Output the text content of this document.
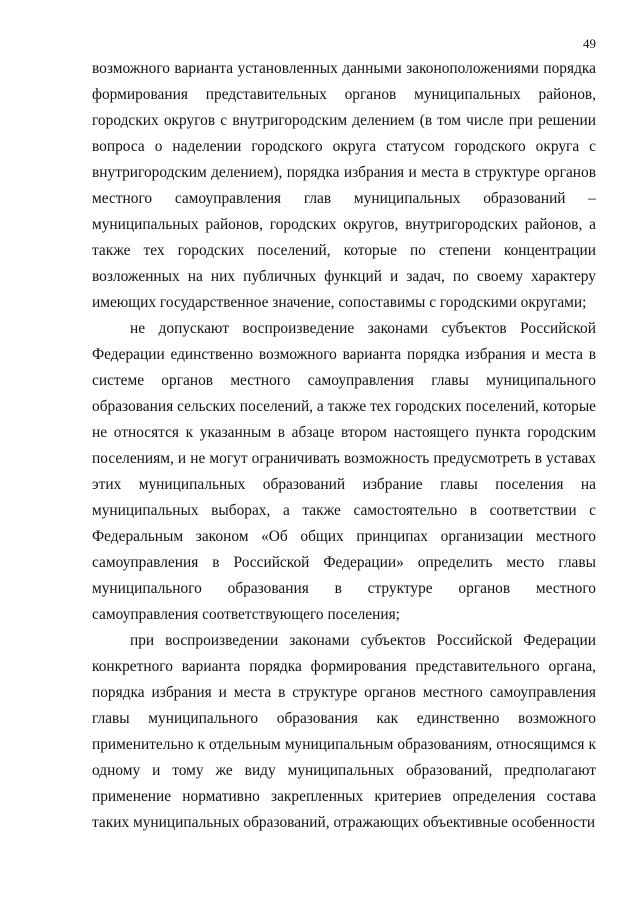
49

возможного варианта установленных данными законоположениями порядка формирования представительных органов муниципальных районов, городских округов с внутригородским делением (в том числе при решении вопроса о наделении городского округа статусом городского округа с внутригородским делением), порядка избрания и места в структуре органов местного самоуправления глав муниципальных образований – муниципальных районов, городских округов, внутригородских районов, а также тех городских поселений, которые по степени концентрации возложенных на них публичных функций и задач, по своему характеру имеющих государственное значение, сопоставимы с городскими округами;

не допускают воспроизведение законами субъектов Российской Федерации единственно возможного варианта порядка избрания и места в системе органов местного самоуправления главы муниципального образования сельских поселений, а также тех городских поселений, которые не относятся к указанным в абзаце втором настоящего пункта городским поселениям, и не могут ограничивать возможность предусмотреть в уставах этих муниципальных образований избрание главы поселения на муниципальных выборах, а также самостоятельно в соответствии с Федеральным законом «Об общих принципах организации местного самоуправления в Российской Федерации» определить место главы муниципального образования в структуре органов местного самоуправления соответствующего поселения;

при воспроизведении законами субъектов Российской Федерации конкретного варианта порядка формирования представительного органа, порядка избрания и места в структуре органов местного самоуправления главы муниципального образования как единственно возможного применительно к отдельным муниципальным образованиям, относящимся к одному и тому же виду муниципальных образований, предполагают применение нормативно закрепленных критериев определения состава таких муниципальных образований, отражающих объективные особенности
